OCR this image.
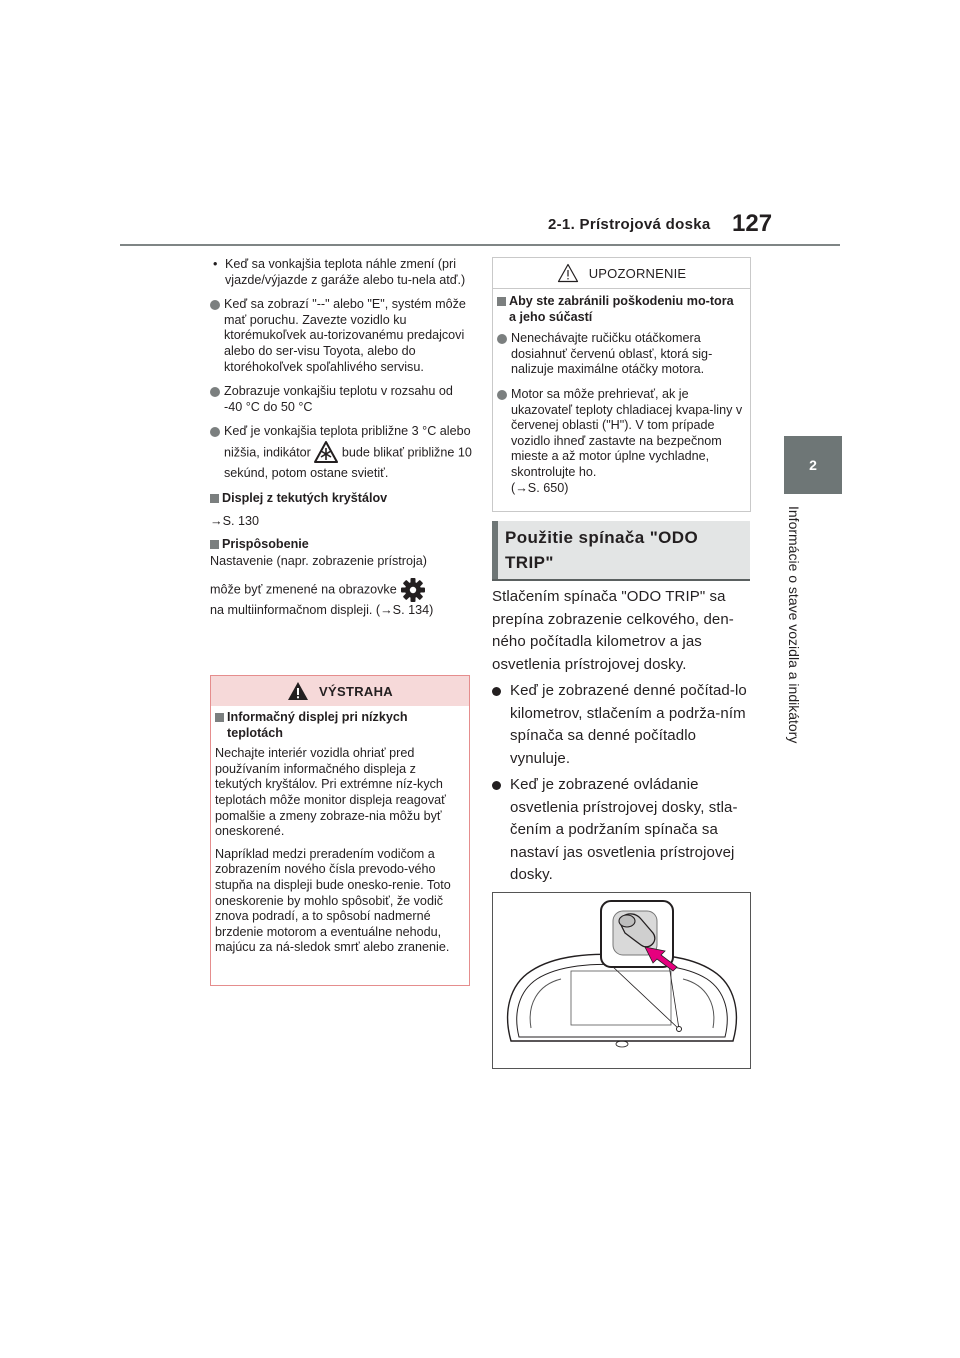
2-1. Prístrojová doska 127
2
Informácie o stave vozidla a indikátory

• Keď sa vonkajšia teplota náhle zmení (pri vjazde/výjazde z garáže alebo tu-nela atď.)

Keď sa zobrazí "--" alebo "E", systém môže mať poruchu. Zavezte vozidlo ku ktorémukoľvek au-torizovanému predajcovi alebo do ser-visu Toyota, alebo do ktoréhokoľvek spoľahlivého servisu.

Zobrazuje vonkajšiu teplotu v rozsahu od -40 °C do 50 °C

Keď je vonkajšia teplota približne 3 °C alebo nižšia, indikátor bude blikať približne 10 sekúnd, potom ostane svietiť.

Displej z tekutých kryštálov

→S. 130

Prispôsobenie

Nastavenie (napr. zobrazenie prístroja)

môže byť zmenené na obrazovke
na multiinformačnom displeji. (→S. 134)

VÝSTRAHA

Informačný displej pri nízkych teplotách

Nechajte interiér vozidla ohriať pred používaním informačného displeja z tekutých kryštálov. Pri extrémne níz-kych teplotách môže monitor displeja reagovať pomalšie a zmeny zobraze-nia môžu byť oneskorené.

Napríklad medzi preradením vodičom a zobrazením nového čísla prevodo-vého stupňa na displeji bude onesko-renie. Toto oneskorenie by mohlo spôsobiť, že vodič znova podradí, a to spôsobí nadmerné brzdenie motorom a eventuálne nehodu, majúcu za ná-sledok smrť alebo zranenie.

UPOZORNENIE

Aby ste zabránili poškodeniu mo-tora a jeho súčastí

Nenechávajte ručičku otáčkomera dosiahnuť červenú oblasť, ktorá sig-nalizuje maximálne otáčky motora.

Motor sa môže prehrievať, ak je ukazovateľ teploty chladiacej kvapa-liny v červenej oblasti ("H"). V tom prípade vozidlo ihneď zastavte na bezpečnom mieste a až motor úplne vychladne, skontrolujte ho.
(→S. 650)

Použitie spínača "ODO TRIP"

Stlačením spínača "ODO TRIP" sa prepína zobrazenie celkového, den-ného počítadla kilometrov a jas osvetlenia prístrojovej dosky.

Keď je zobrazené denné počítad-lo kilometrov, stlačením a podrža-ním spínača sa denné počítadlo vynuluje.

Keď je zobrazené ovládanie osvetlenia prístrojovej dosky, stla-čením a podržaním spínača sa nastaví jas osvetlenia prístrojovej dosky.
